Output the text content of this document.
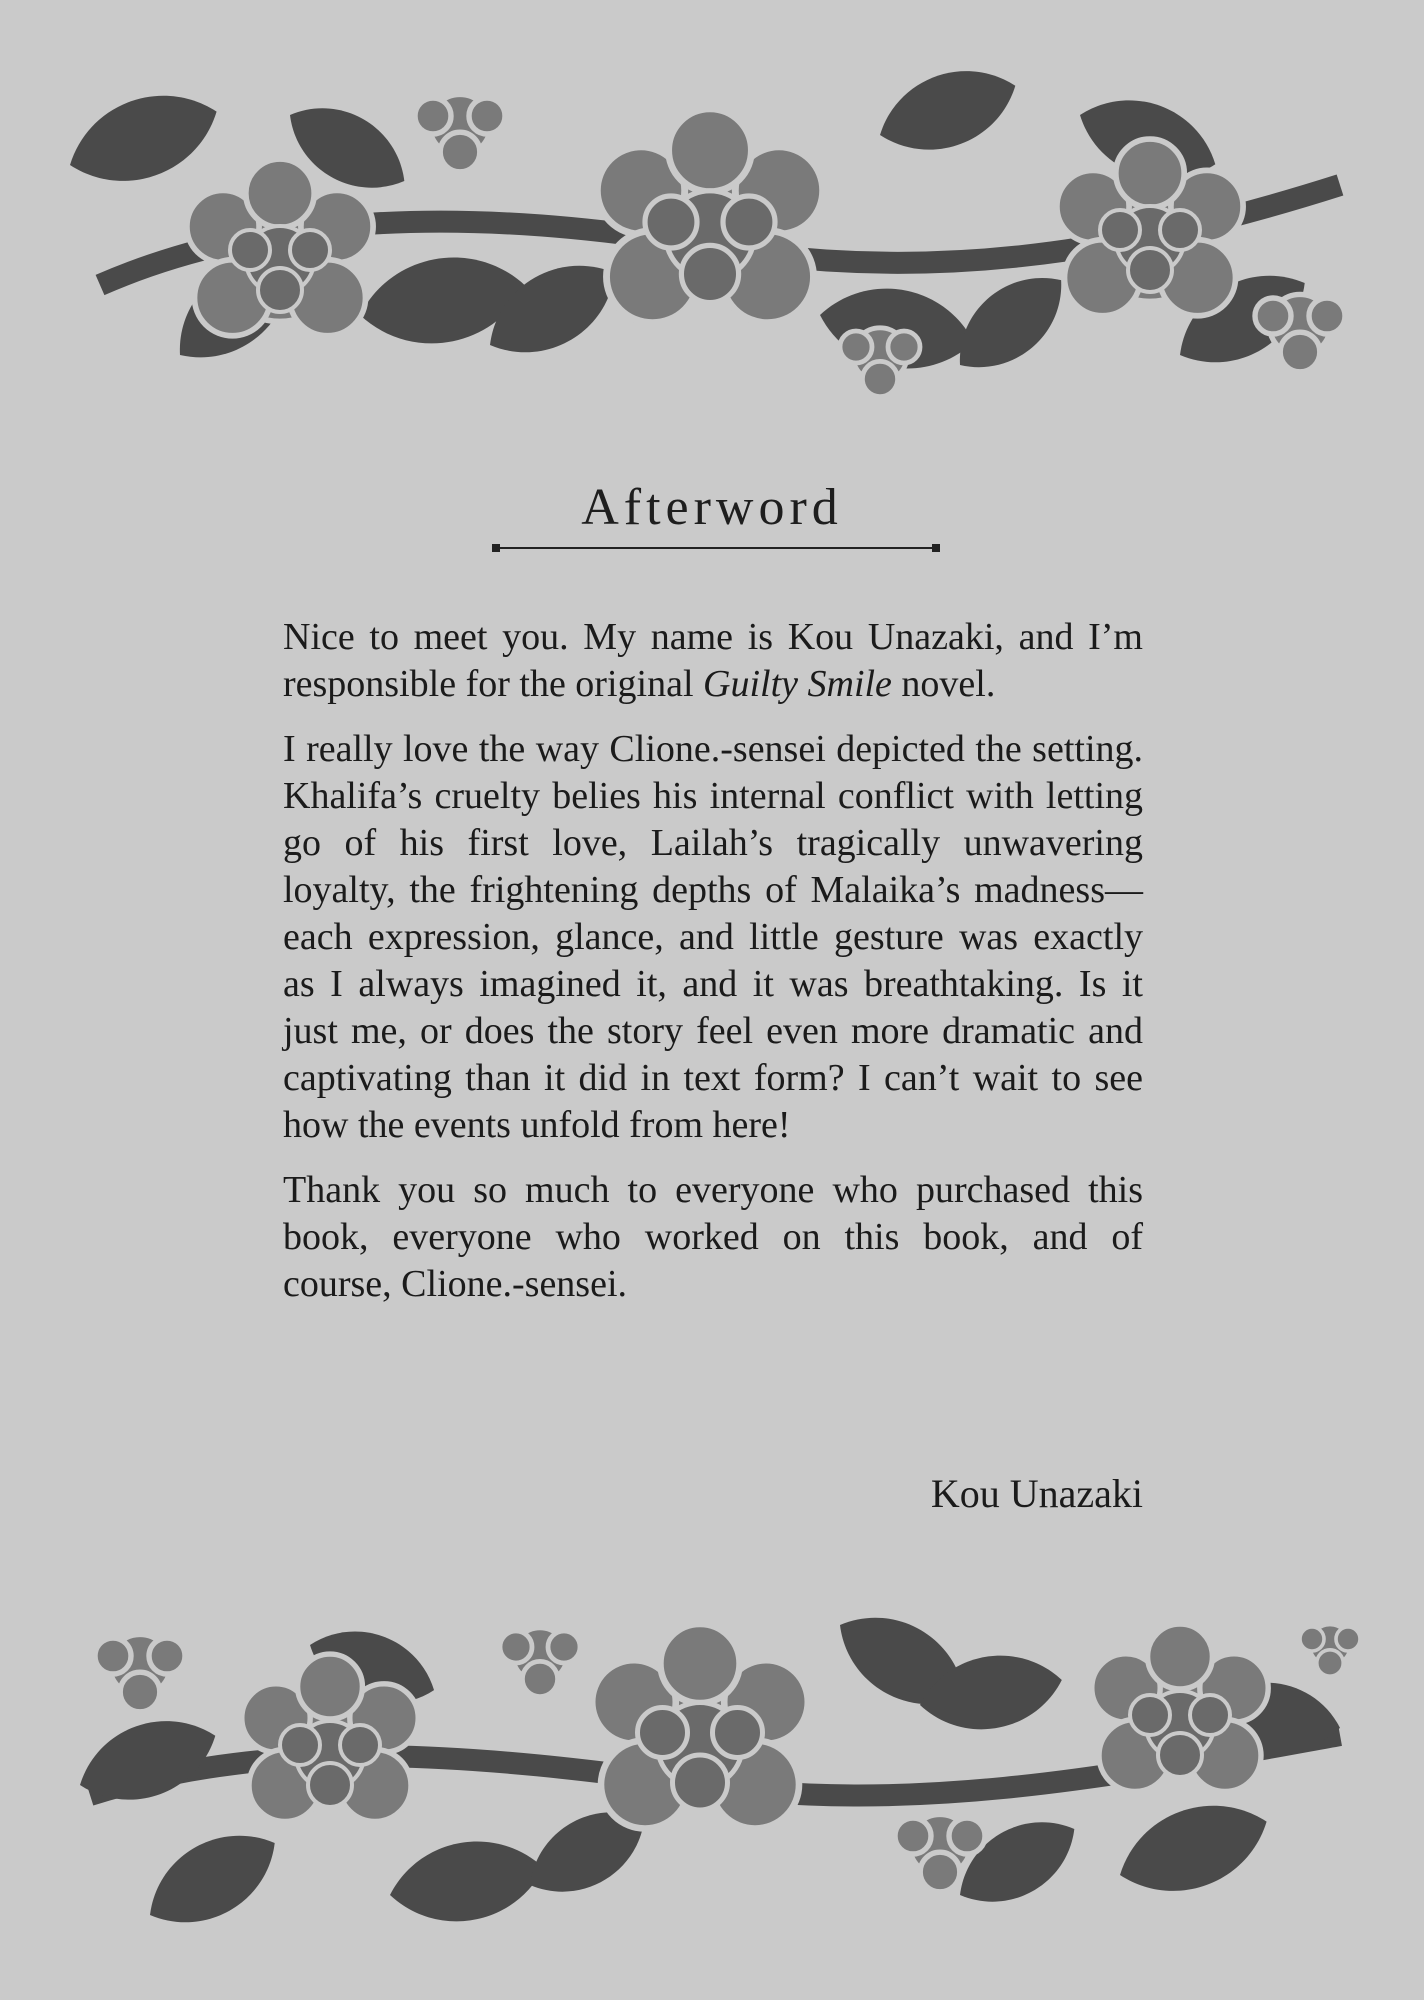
Afterword

Nice to meet you. My name is Kou Unazaki, and I’m responsible for the original Guilty Smile novel.

I really love the way Clione.-sensei depicted the setting. Khalifa’s cruelty belies his internal conflict with letting go of his first love, Lailah’s tragically unwavering loyalty, the frightening depths of Malaika’s madness—each expression, glance, and little gesture was exactly as I always imagined it, and it was breathtaking. Is it just me, or does the story feel even more dramatic and captivating than it did in text form? I can’t wait to see how the events unfold from here!

Thank you so much to everyone who purchased this book, everyone who worked on this book, and of course, Clione.-sensei.

Kou Unazaki
